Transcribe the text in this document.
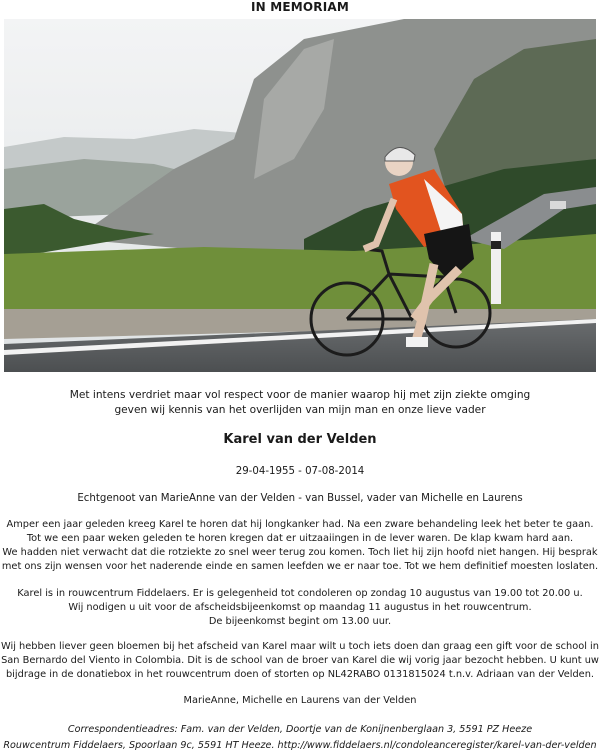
IN MEMORIAM
Met intens verdriet maar vol respect voor de manier waarop hij met zijn ziekte omging
geven wij kennis van het overlijden van mijn man en onze lieve vader
Karel van der Velden
29-04-1955 - 07-08-2014
Echtgenoot van MarieAnne van der Velden - van Bussel, vader van Michelle en Laurens
Amper een jaar geleden kreeg Karel te horen dat hij longkanker had. Na een zware behandeling leek het beter te gaan.
Tot we een paar weken geleden te horen kregen dat er uitzaaiingen in de lever waren. De klap kwam hard aan.
We hadden niet verwacht dat die rotziekte zo snel weer terug zou komen. Toch liet hij zijn hoofd niet hangen. Hij besprak
met ons zijn wensen voor het naderende einde en samen leefden we er naar toe. Tot we hem definitief moesten loslaten.
Karel is in rouwcentrum Fiddelaers. Er is gelegenheid tot condoleren op zondag 10 augustus van 19.00 tot 20.00 u.
Wij nodigen u uit voor de afscheidsbijeenkomst op maandag 11 augustus in het rouwcentrum.
De bijeenkomst begint om 13.00 uur.
Wij hebben liever geen bloemen bij het afscheid van Karel maar wilt u toch iets doen dan graag een gift voor de school in
San Bernardo del Viento in Colombia. Dit is de school van de broer van Karel die wij vorig jaar bezocht hebben. U kunt uw
bijdrage in de donatiebox in het rouwcentrum doen of storten op NL42RABO 0131815024 t.n.v. Adriaan van der Velden.
MarieAnne, Michelle en Laurens van der Velden
Correspondentieadres: Fam. van der Velden, Doortje van de Konijnenberglaan 3, 5591 PZ Heeze
Rouwcentrum Fiddelaers, Spoorlaan 9c, 5591 HT Heeze. http://www.fiddelaers.nl/condoleanceregister/karel-van-der-velden
